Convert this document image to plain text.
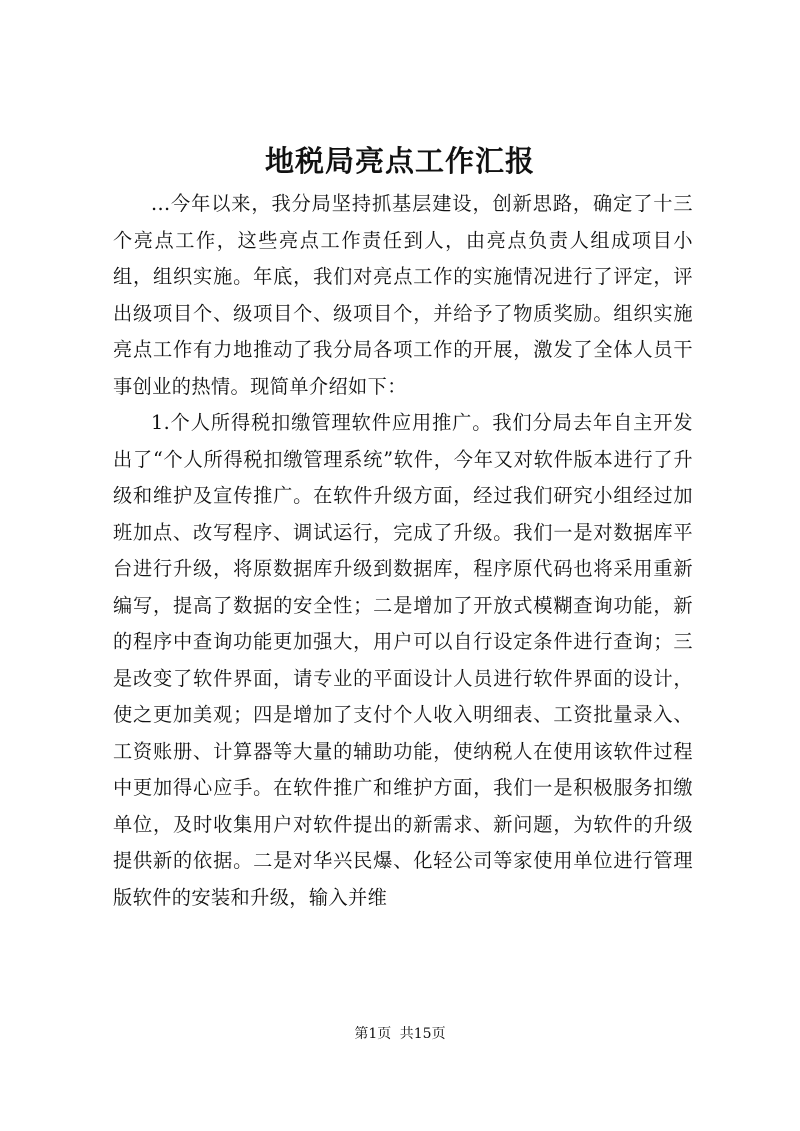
地税局亮点工作汇报

...今年以来，我分局坚持抓基层建设，创新思路，确定了十三个亮点工作，这些亮点工作责任到人，由亮点负责人组成项目小组，组织实施。年底，我们对亮点工作的实施情况进行了评定，评出级项目个、级项目个、级项目个，并给予了物质奖励。组织实施亮点工作有力地推动了我分局各项工作的开展，激发了全体人员干事创业的热情。现简单介绍如下：

1.个人所得税扣缴管理软件应用推广。我们分局去年自主开发出了“个人所得税扣缴管理系统”软件，今年又对软件版本进行了升级和维护及宣传推广。在软件升级方面，经过我们研究小组经过加班加点、改写程序、调试运行，完成了升级。我们一是对数据库平台进行升级，将原数据库升级到数据库，程序原代码也将采用重新编写，提高了数据的安全性；二是增加了开放式模糊查询功能，新的程序中查询功能更加强大，用户可以自行设定条件进行查询；三是改变了软件界面，请专业的平面设计人员进行软件界面的设计，使之更加美观；四是增加了支付个人收入明细表、工资批量录入、工资账册、计算器等大量的辅助功能，使纳税人在使用该软件过程中更加得心应手。在软件推广和维护方面，我们一是积极服务扣缴单位，及时收集用户对软件提出的新需求、新问题，为软件的升级提供新的依据。二是对华兴民爆、化轻公司等家使用单位进行管理版软件的安装和升级，输入并维

第1页 共15页
